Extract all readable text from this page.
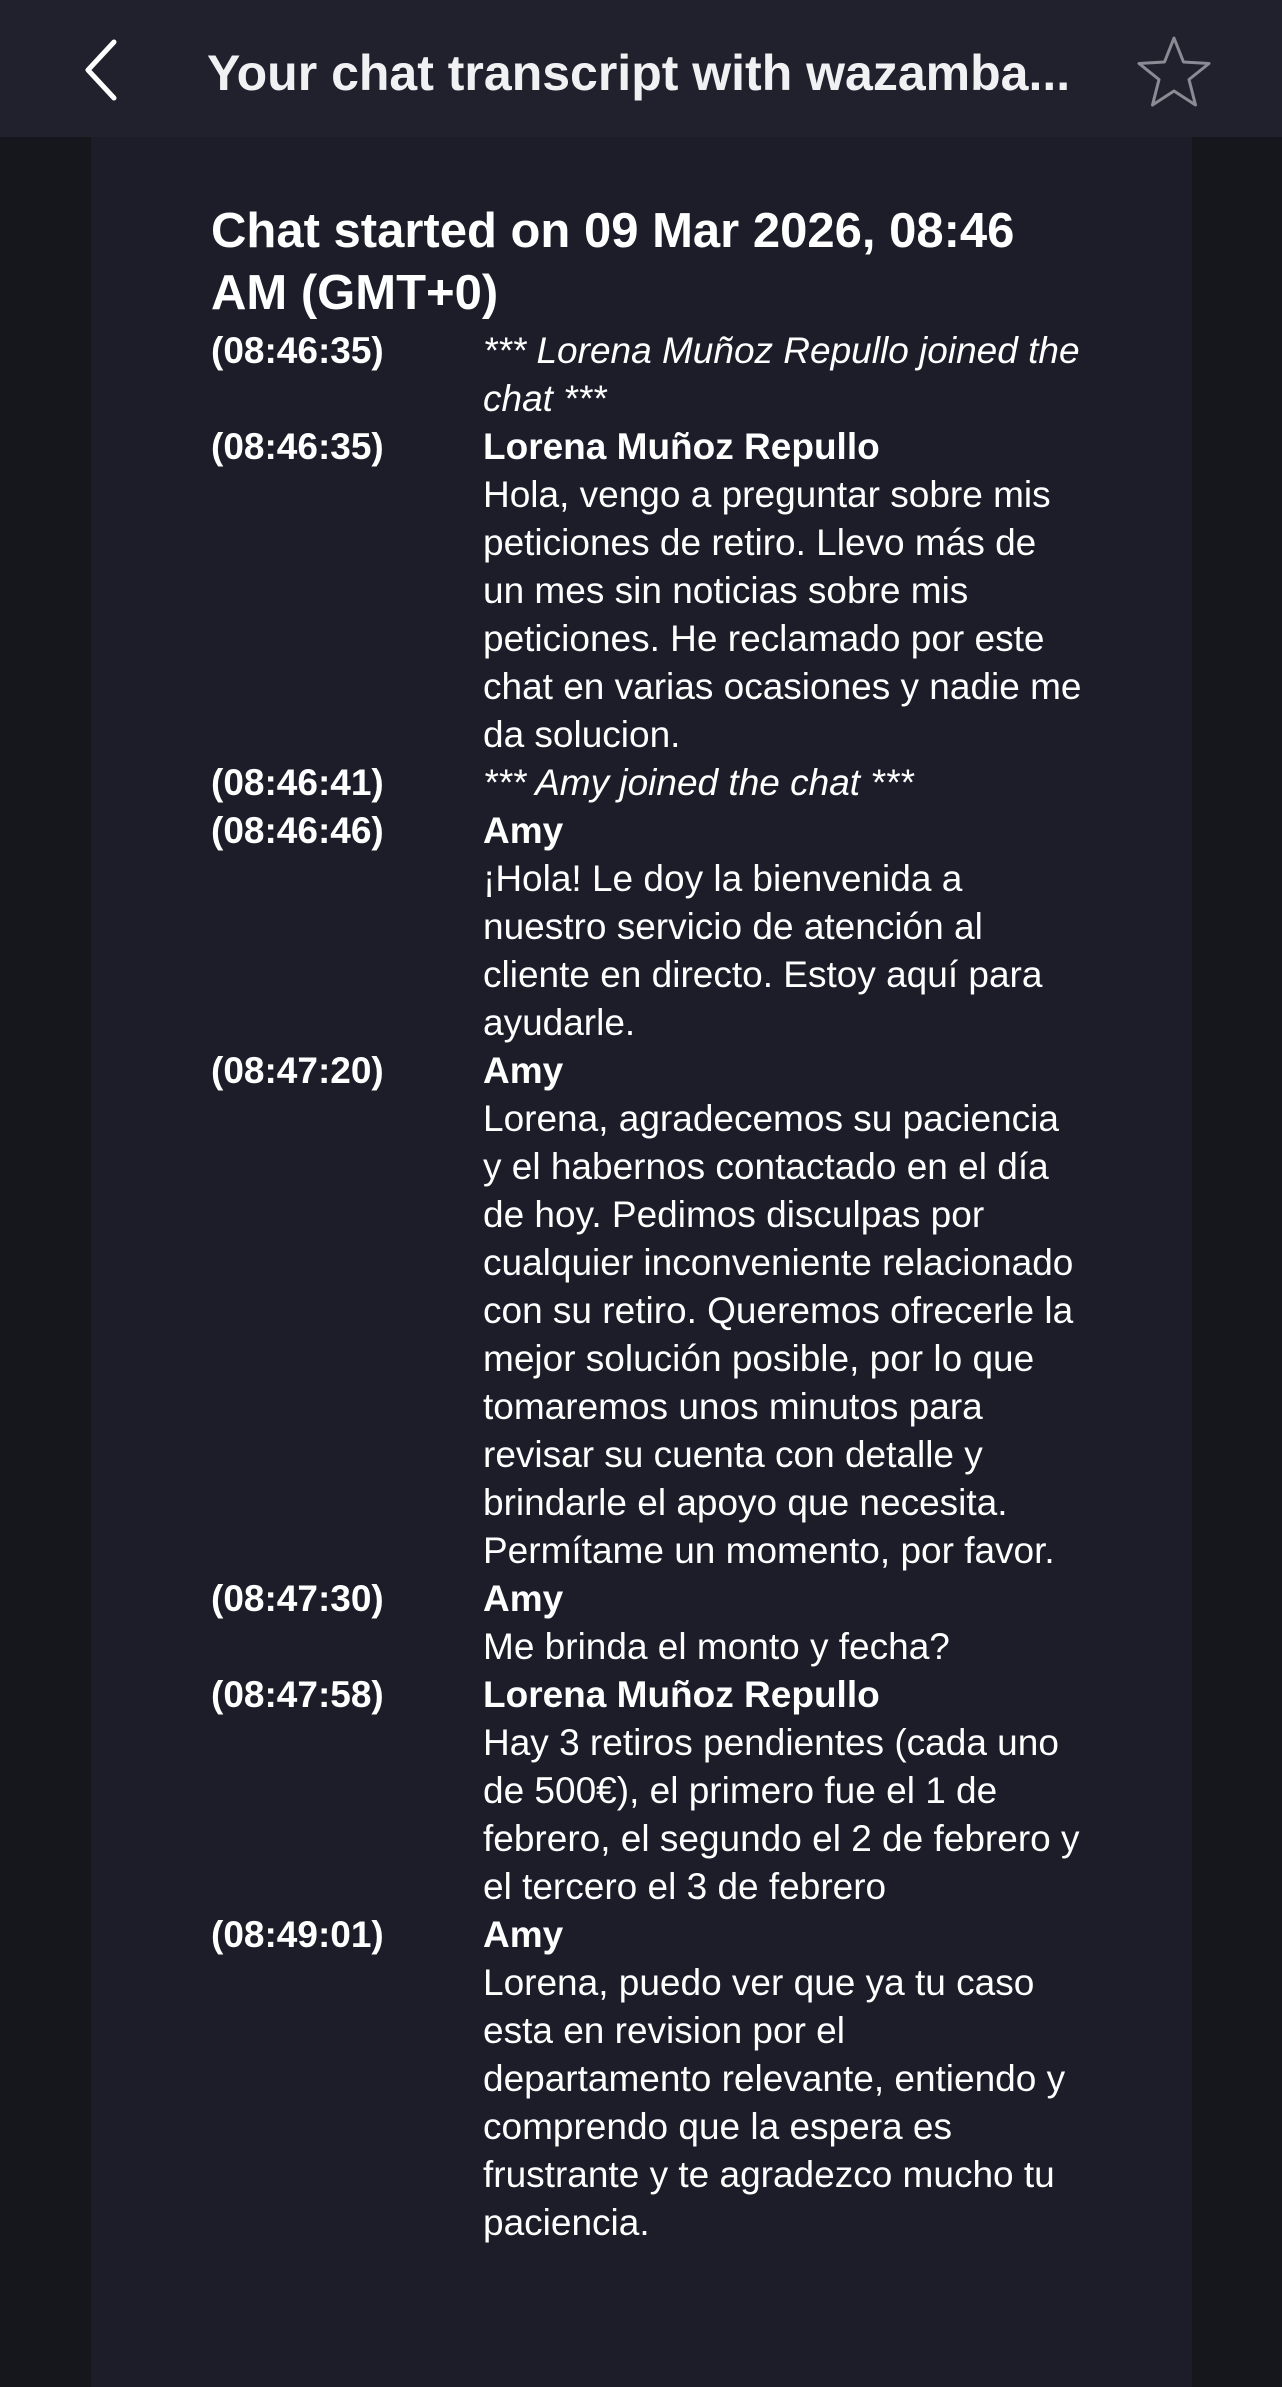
Your chat transcript with wazamba...
Chat started on 09 Mar 2026, 08:46 AM (GMT+0)
(08:46:35)	*** Lorena Muñoz Repullo joined the chat ***
(08:46:35)	Lorena Muñoz Repullo
Hola, vengo a preguntar sobre mis peticiones de retiro. Llevo más de un mes sin noticias sobre mis peticiones. He reclamado por este chat en varias ocasiones y nadie me da solucion.
(08:46:41)	*** Amy joined the chat ***
(08:46:46)	Amy
¡Hola! Le doy la bienvenida a nuestro servicio de atención al cliente en directo. Estoy aquí para ayudarle.
(08:47:20)	Amy
Lorena, agradecemos su paciencia y el habernos contactado en el día de hoy. Pedimos disculpas por cualquier inconveniente relacionado con su retiro. Queremos ofrecerle la mejor solución posible, por lo que tomaremos unos minutos para revisar su cuenta con detalle y brindarle el apoyo que necesita. Permítame un momento, por favor.
(08:47:30)	Amy
Me brinda el monto y fecha?
(08:47:58)	Lorena Muñoz Repullo
Hay 3 retiros pendientes (cada uno de 500€), el primero fue el 1 de febrero, el segundo el 2 de febrero y el tercero el 3 de febrero
(08:49:01)	Amy
Lorena, puedo ver que ya tu caso esta en revision por el departamento relevante, entiendo y comprendo que la espera es frustrante y te agradezco mucho tu paciencia.
